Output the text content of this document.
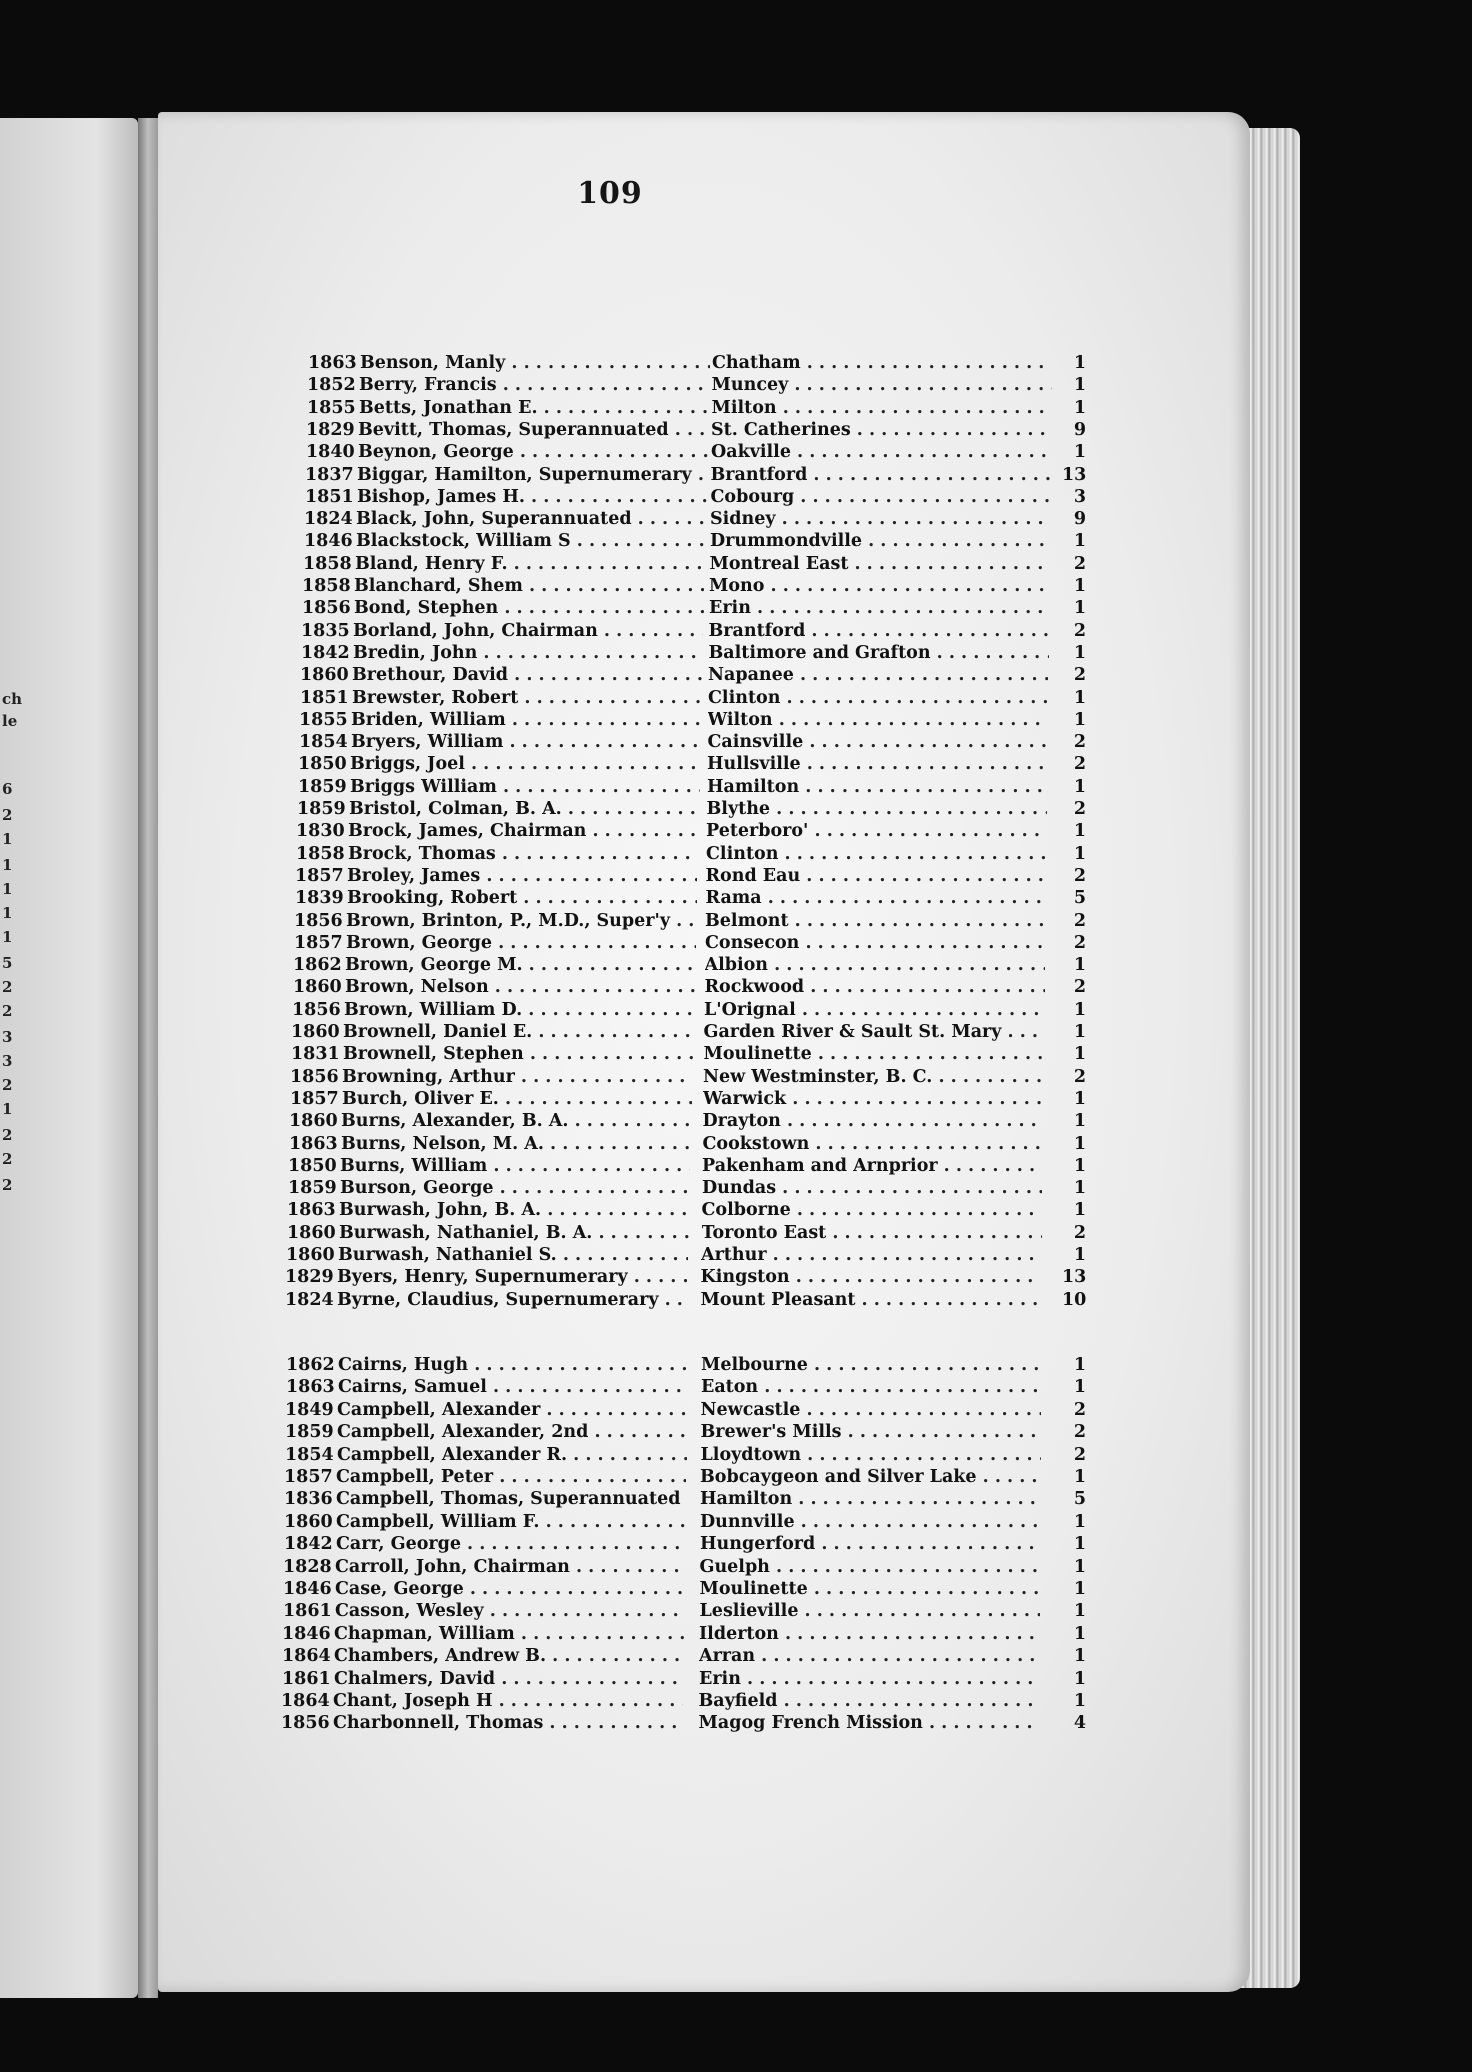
ch
le
6
2
1
1
1
1
1
5
2
2
3
3
2
1
2
2
2
109
1863 Benson, Manly . . .	Chatham . . .	1
1852 Berry, Francis . . .	Muncey . . .	1
1855 Betts, Jonathan E. . . .	Milton . . .	1
1829 Bevitt, Thomas, Superannuated . . .	St. Catherines . . .	9
1840 Beynon, George . . .	Oakville . . .	1
1837 Biggar, Hamilton, Supernumerary . . .	Brantford . . .	13
1851 Bishop, James H. . . .	Cobourg . . .	3
1824 Black, John, Superannuated . . .	Sidney . . .	9
1846 Blackstock, William S . . .	Drummondville . . .	1
1858 Bland, Henry F. . . .	Montreal East . . .	2
1858 Blanchard, Shem . . .	Mono . . .	1
1856 Bond, Stephen . . .	Erin . . .	1
1835 Borland, John, Chairman . . .	Brantford . . .	2
1842 Bredin, John . . .	Baltimore and Grafton . . .	1
1860 Brethour, David . . .	Napanee . . .	2
1851 Brewster, Robert . . .	Clinton . . .	1
1855 Briden, William . . .	Wilton . . .	1
1854 Bryers, William . . .	Cainsville . . .	2
1850 Briggs, Joel . . .	Hullsville . . .	2
1859 Briggs William . . .	Hamilton . . .	1
1859 Bristol, Colman, B. A. . . .	Blythe . . .	2
1830 Brock, James, Chairman . . .	Peterboro' . . .	1
1858 Brock, Thomas . . .	Clinton . . .	1
1857 Broley, James . . .	Rond Eau . . .	2
1839 Brooking, Robert . . .	Rama . . .	5
1856 Brown, Brinton, P., M.D., Super'y . . .	Belmont . . .	2
1857 Brown, George . . .	Consecon . . .	2
1862 Brown, George M. . . .	Albion . . .	1
1860 Brown, Nelson . . .	Rockwood . . .	2
1856 Brown, William D. . . .	L'Orignal . . .	1
1860 Brownell, Daniel E. . . .	Garden River & Sault St. Mary . . .	1
1831 Brownell, Stephen . . .	Moulinette . . .	1
1856 Browning, Arthur . . .	New Westminster, B. C. . . .	2
1857 Burch, Oliver E. . . .	Warwick . . .	1
1860 Burns, Alexander, B. A. . . .	Drayton . . .	1
1863 Burns, Nelson, M. A. . . .	Cookstown . . .	1
1850 Burns, William . . .	Pakenham and Arnprior . . .	1
1859 Burson, George . . .	Dundas . . .	1
1863 Burwash, John, B. A. . . .	Colborne . . .	1
1860 Burwash, Nathaniel, B. A. . . .	Toronto East . . .	2
1860 Burwash, Nathaniel S. . . .	Arthur . . .	1
1829 Byers, Henry, Supernumerary . . .	Kingston . . .	13
1824 Byrne, Claudius, Supernumerary . . .	Mount Pleasant . . .	10
1862 Cairns, Hugh . . .	Melbourne . . .	1
1863 Cairns, Samuel . . .	Eaton . . .	1
1849 Campbell, Alexander . . .	Newcastle . . .	2
1859 Campbell, Alexander, 2nd . . .	Brewer's Mills . . .	2
1854 Campbell, Alexander R. . . .	Lloydtown . . .	2
1857 Campbell, Peter . . .	Bobcaygeon and Silver Lake . . .	1
1836 Campbell, Thomas, Superannuated . . .	Hamilton . . .	5
1860 Campbell, William F. . . .	Dunnville . . .	1
1842 Carr, George . . .	Hungerford . . .	1
1828 Carroll, John, Chairman . . .	Guelph . . .	1
1846 Case, George . . .	Moulinette . . .	1
1861 Casson, Wesley . . .	Leslieville . . .	1
1846 Chapman, William . . .	Ilderton . . .	1
1864 Chambers, Andrew B. . . .	Arran . . .	1
1861 Chalmers, David . . .	Erin . . .	1
1864 Chant, Joseph H . . .	Bayfield . . .	1
1856 Charbonnell, Thomas . . .	Magog French Mission . . .	4
